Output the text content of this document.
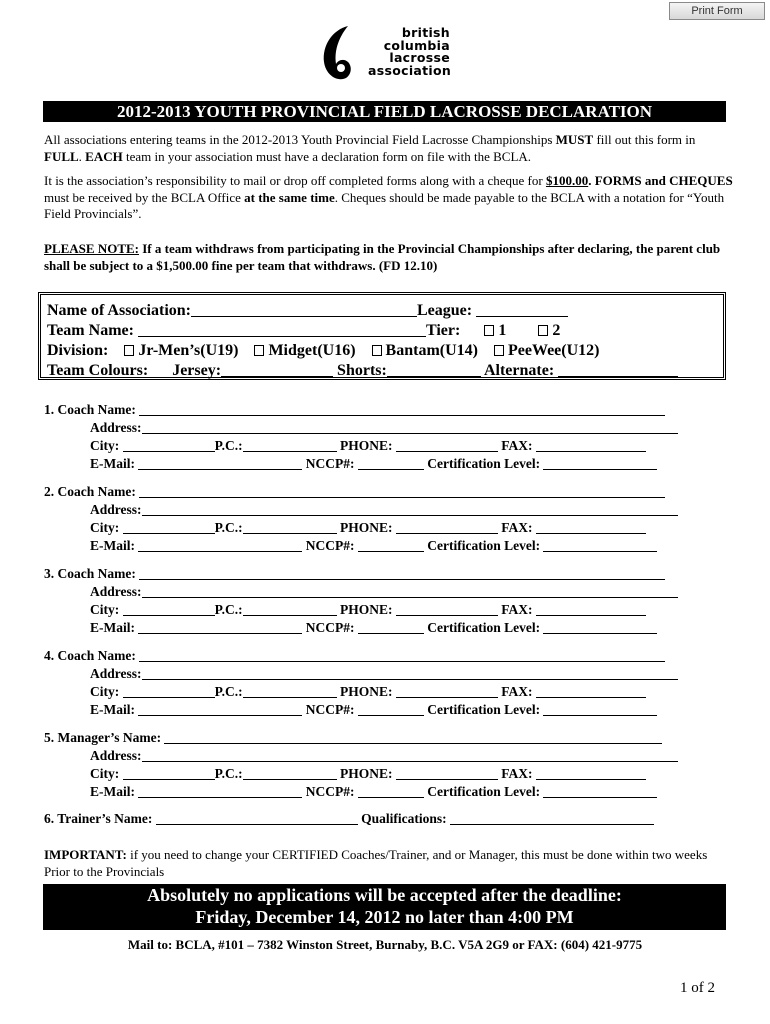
Print Form
british
columbia
lacrosse
association
2012-2013 YOUTH PROVINCIAL FIELD LACROSSE DECLARATION
All associations entering teams in the 2012-2013 Youth Provincial Field Lacrosse Championships MUST fill out this form in FULL. EACH team in your association must have a declaration form on file with the BCLA.
It is the association’s responsibility to mail or drop off completed forms along with a cheque for $100.00. FORMS and CHEQUES must be received by the BCLA Office at the same time. Cheques should be made payable to the BCLA with a notation for “Youth Field Provincials”.
PLEASE NOTE: If a team withdraws from participating in the Provincial Championships after declaring, the parent club shall be subject to a $1,500.00 fine per team that withdraws. (FD 12.10)
Name of Association:	League:
Team Name:	Tier: 1	2
Division: Jr-Men’s(U19) Midget(U16) Bantam(U14) PeeWee(U12)
Team Colours: Jersey:	Shorts:	Alternate:
1. Coach Name:
Address:
City:	P.C.:	PHONE:	FAX:
E-Mail:	NCCP#:	Certification Level:
2. Coach Name:
Address:
City:	P.C.:	PHONE:	FAX:
E-Mail:	NCCP#:	Certification Level:
3. Coach Name:
Address:
City:	P.C.:	PHONE:	FAX:
E-Mail:	NCCP#:	Certification Level:
4. Coach Name:
Address:
City:	P.C.:	PHONE:	FAX:
E-Mail:	NCCP#:	Certification Level:
5. Manager’s Name:
Address:
City:	P.C.:	PHONE:	FAX:
E-Mail:	NCCP#:	Certification Level:
6. Trainer’s Name:	Qualifications:
IMPORTANT: if you need to change your CERTIFIED Coaches/Trainer, and or Manager, this must be done within two weeks Prior to the Provincials
Absolutely no applications will be accepted after the deadline:
Friday, December 14, 2012 no later than 4:00 PM
Mail to: BCLA, #101 – 7382 Winston Street, Burnaby, B.C. V5A 2G9 or FAX: (604) 421-9775
1 of 2
